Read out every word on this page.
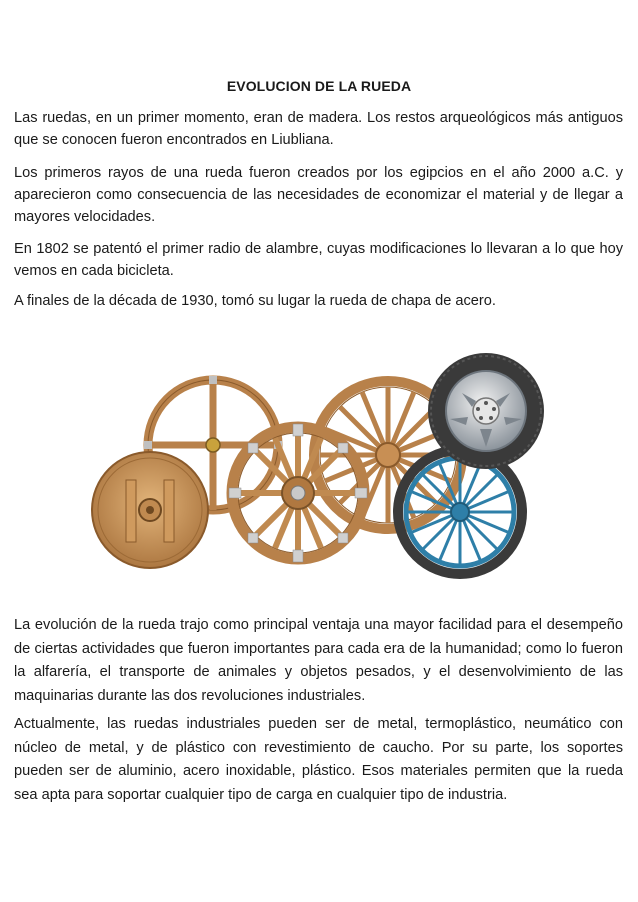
EVOLUCION DE LA RUEDA

Las ruedas, en un primer momento, eran de madera. Los restos arqueológicos más antiguos que se conocen fueron encontrados en Liubliana.

Los primeros rayos de una rueda fueron creados por los egipcios en el año 2000 a.C. y aparecieron como consecuencia de las necesidades de economizar el material y de llegar a mayores velocidades.

En 1802 se patentó el primer radio de alambre, cuyas modificaciones lo llevaran a lo que hoy vemos en cada bicicleta.

A finales de la década de 1930, tomó su lugar la rueda de chapa de acero.

La evolución de la rueda trajo como principal ventaja una mayor facilidad para el desempeño de ciertas actividades que fueron importantes para cada era de la humanidad; como lo fueron la alfarería, el transporte de animales y objetos pesados, y el desenvolvimiento de las maquinarias durante las dos revoluciones industriales.

Actualmente, las ruedas industriales pueden ser de metal, termoplástico, neumático con núcleo de metal, y de plástico con revestimiento de caucho. Por su parte, los soportes pueden ser de aluminio, acero inoxidable, plástico. Esos materiales permiten que la rueda sea apta para soportar cualquier tipo de carga en cualquier tipo de industria.
